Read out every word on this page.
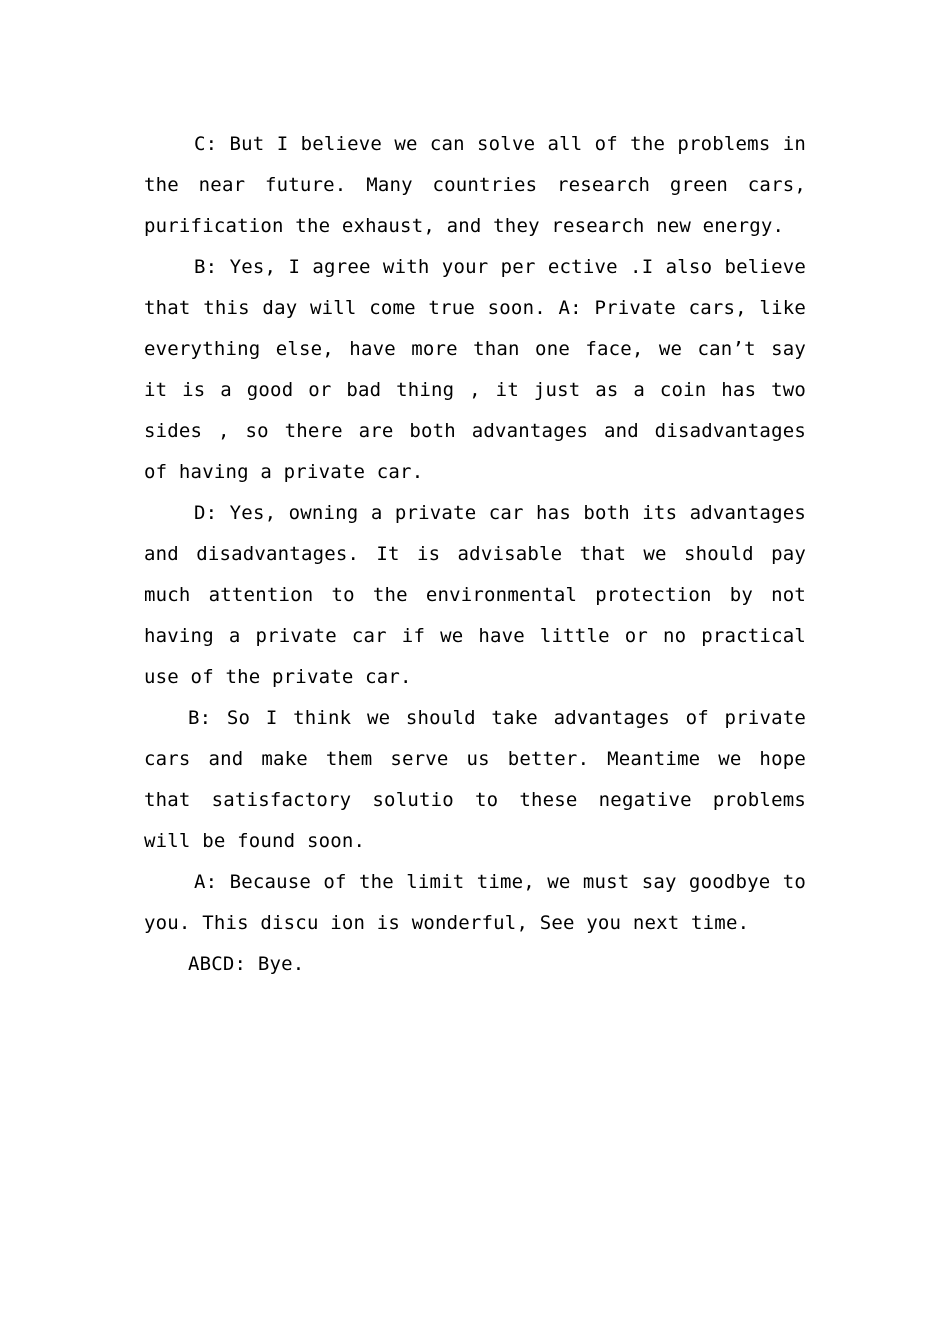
C: But I believe we can solve all of the problems in the near future. Many countries research green cars, purification the exhaust, and they research new energy.

B: Yes, I agree with your per ective .I also believe that this day will come true soon. A: Private cars, like everything else, have more than one face, we can’t say it is a good or bad thing , it just as a coin has two sides , so there are both advantages and disadvantages of having a private car.

D: Yes, owning a private car has both its advantages and disadvantages. It is advisable that we should pay much attention to the environmental protection by not having a private car if we have little or no practical use of the private car.

B: So I think we should take advantages of private cars and make them serve us better. Meantime we hope that satisfactory solutio to these negative problems will be found soon.

A: Because of the limit time, we must say goodbye to you. This discu ion is wonderful, See you next time.

ABCD: Bye.
